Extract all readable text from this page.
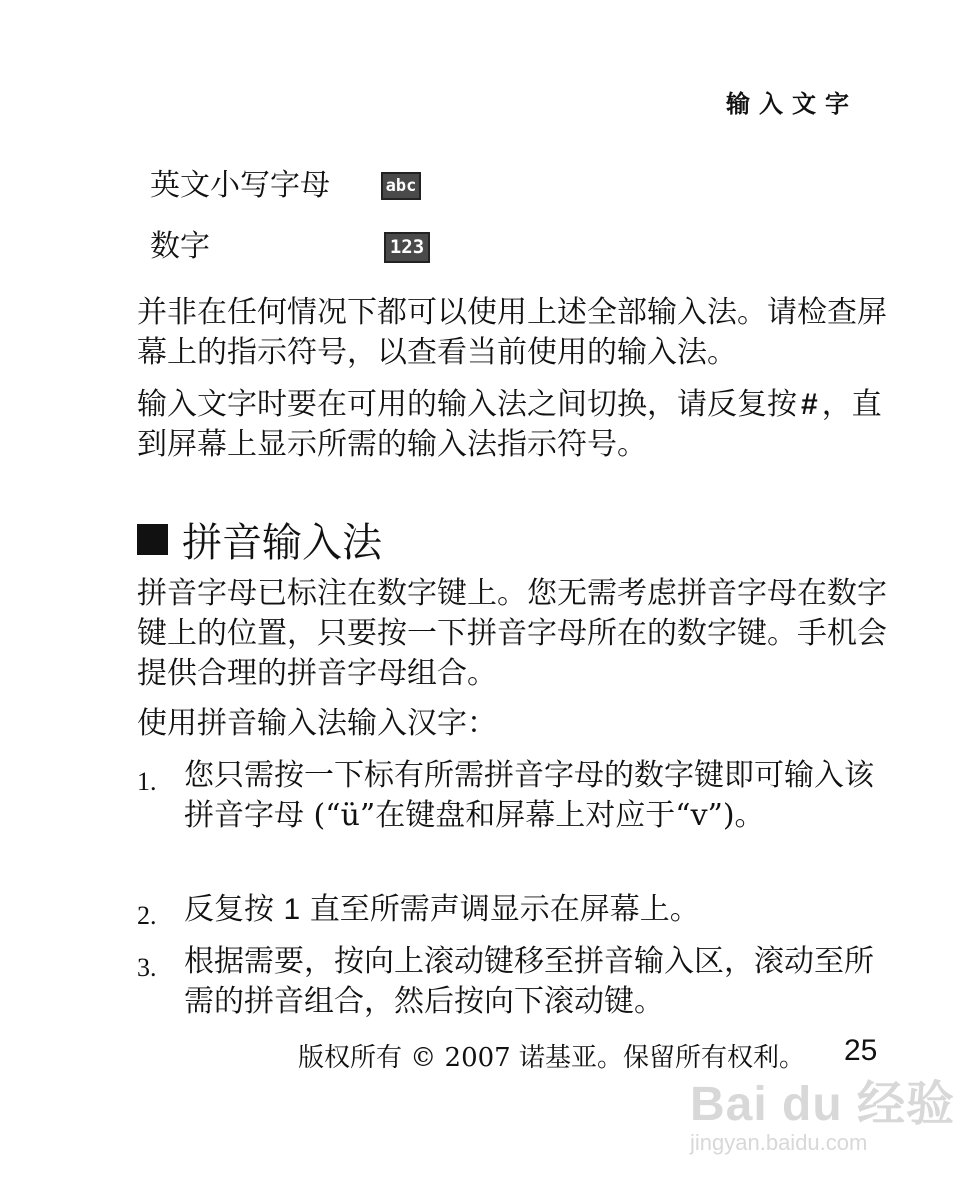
输入文字
英文小写字母	abc
数字	123
并非在任何情况下都可以使用上述全部输入法。请检查屏幕上的指示符号，以查看当前使用的输入法。
输入文字时要在可用的输入法之间切换，请反复按 # ，直到屏幕上显示所需的输入法指示符号。
拼音输入法
拼音字母已标注在数字键上。您无需考虑拼音字母在数字键上的位置，只要按一下拼音字母所在的数字键。手机会提供合理的拼音字母组合。
使用拼音输入法输入汉字：
1. 您只需按一下标有所需拼音字母的数字键即可输入该拼音字母 (“ü”在键盘和屏幕上对应于“v”)。
2. 反复按 1 直至所需声调显示在屏幕上。
3. 根据需要，按向上滚动键移至拼音输入区，滚动至所需的拼音组合，然后按向下滚动键。
版权所有 © 2007 诺基亚。保留所有权利。 25
Bai du 经验
jingyan.baidu.com
